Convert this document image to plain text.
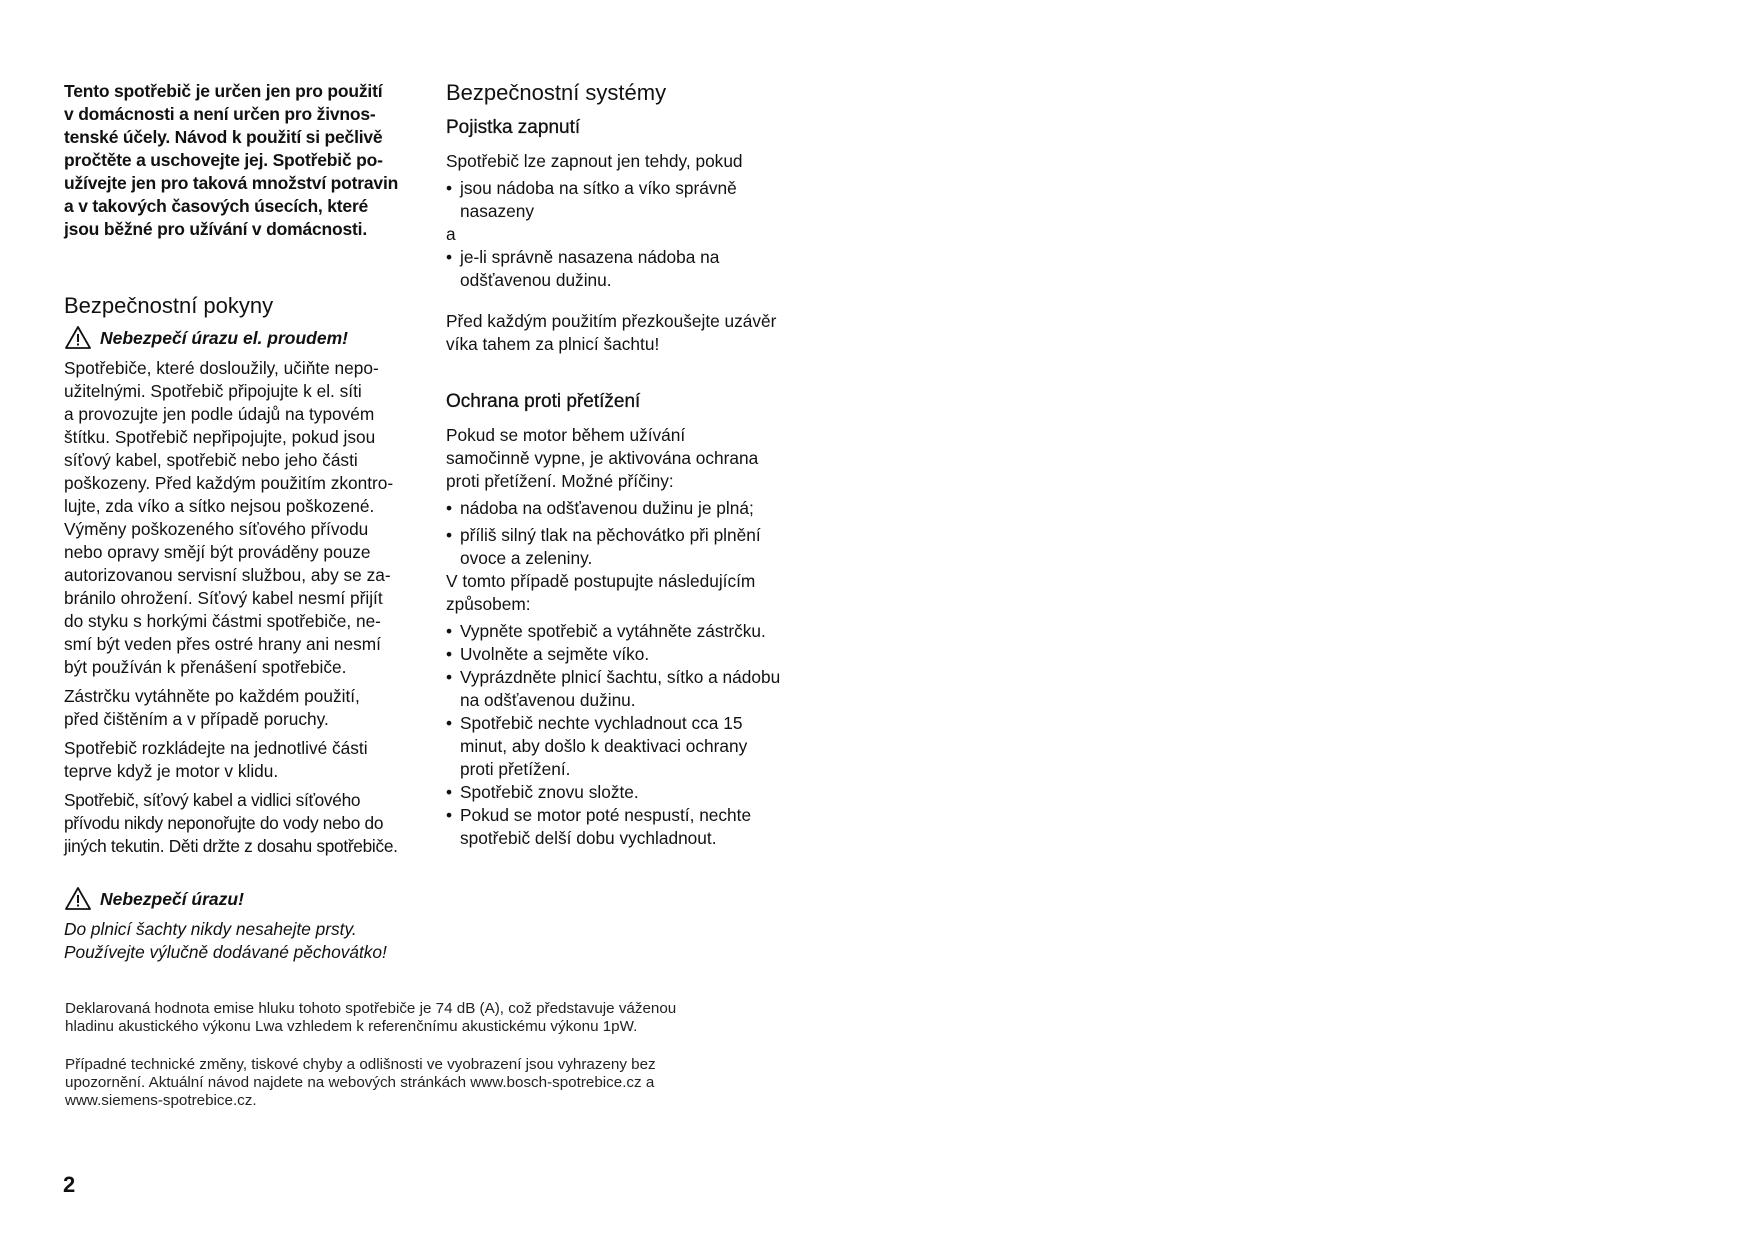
Tento spotřebič je určen jen pro použití
v domácnosti a není určen pro živnos-
tenské účely. Návod k použití si pečlivě
pročtěte a uschovejte jej. Spotřebič po-
užívejte jen pro taková množství potravin
a v takových časových úsecích, které
jsou běžné pro užívání v domácnosti.

Bezpečnostní pokyny
Nebezpečí úrazu el. proudem!

Spotřebiče, které dosloužily, učiňte nepo-
užitelnými. Spotřebič připojujte k el. síti
a provozujte jen podle údajů na typovém
štítku. Spotřebič nepřipojujte, pokud jsou
síťový kabel, spotřebič nebo jeho části
poškozeny. Před každým použitím zkontro-
lujte, zda víko a sítko nejsou poškozené.
Výměny poškozeného síťového přívodu
nebo opravy smějí být prováděny pouze
autorizovanou servisní službou, aby se za-
bránilo ohrožení. Síťový kabel nesmí přijít
do styku s horkými částmi spotřebiče, ne-
smí být veden přes ostré hrany ani nesmí
být používán k přenášení spotřebiče.

Zástrčku vytáhněte po každém použití,
před čištěním a v případě poruchy.

Spotřebič rozkládejte na jednotlivé části
teprve když je motor v klidu.

Spotřebič, síťový kabel a vidlici síťového
přívodu nikdy neponořujte do vody nebo do
jiných tekutin. Děti držte z dosahu spotřebiče.

Nebezpečí úrazu!

Do plnicí šachty nikdy nesahejte prsty.

Používejte výlučně dodávané pěchovátko!

Bezpečnostní systémy
Pojistka zapnutí

Spotřebič lze zapnout jen tehdy, pokud

• jsou nádoba na sítko a víko správně
nasazeny

a

• je-li správně nasazena nádoba na
odšťavenou dužinu.

Před každým použitím přezkoušejte uzávěr
víka tahem za plnicí šachtu!

Ochrana proti přetížení

Pokud se motor během užívání
samočinně vypne, je aktivována ochrana
proti přetížení. Možné příčiny:

• nádoba na odšťavenou dužinu je plná;
• příliš silný tlak na pěchovátko při plnění
ovoce a zeleniny.

V tomto případě postupujte následujícím
způsobem:

• Vypněte spotřebič a vytáhněte zástrčku.
• Uvolněte a sejměte víko.
• Vyprázdněte plnicí šachtu, sítko a nádobu
na odšťavenou dužinu.
• Spotřebič nechte vychladnout cca 15
minut, aby došlo k deaktivaci ochrany
proti přetížení.
• Spotřebič znovu složte.
• Pokud se motor poté nespustí, nechte
spotřebič delší dobu vychladnout.
Deklarovaná hodnota emise hluku tohoto spotřebiče je 74 dB (A), což představuje váženou
hladinu akustického výkonu Lwa vzhledem k referenčnímu akustickému výkonu 1pW.
Případné technické změny, tiskové chyby a odlišnosti ve vyobrazení jsou vyhrazeny bez
upozornění. Aktuální návod najdete na webových stránkách www.bosch-spotrebice.cz a
www.siemens-spotrebice.cz.
2
